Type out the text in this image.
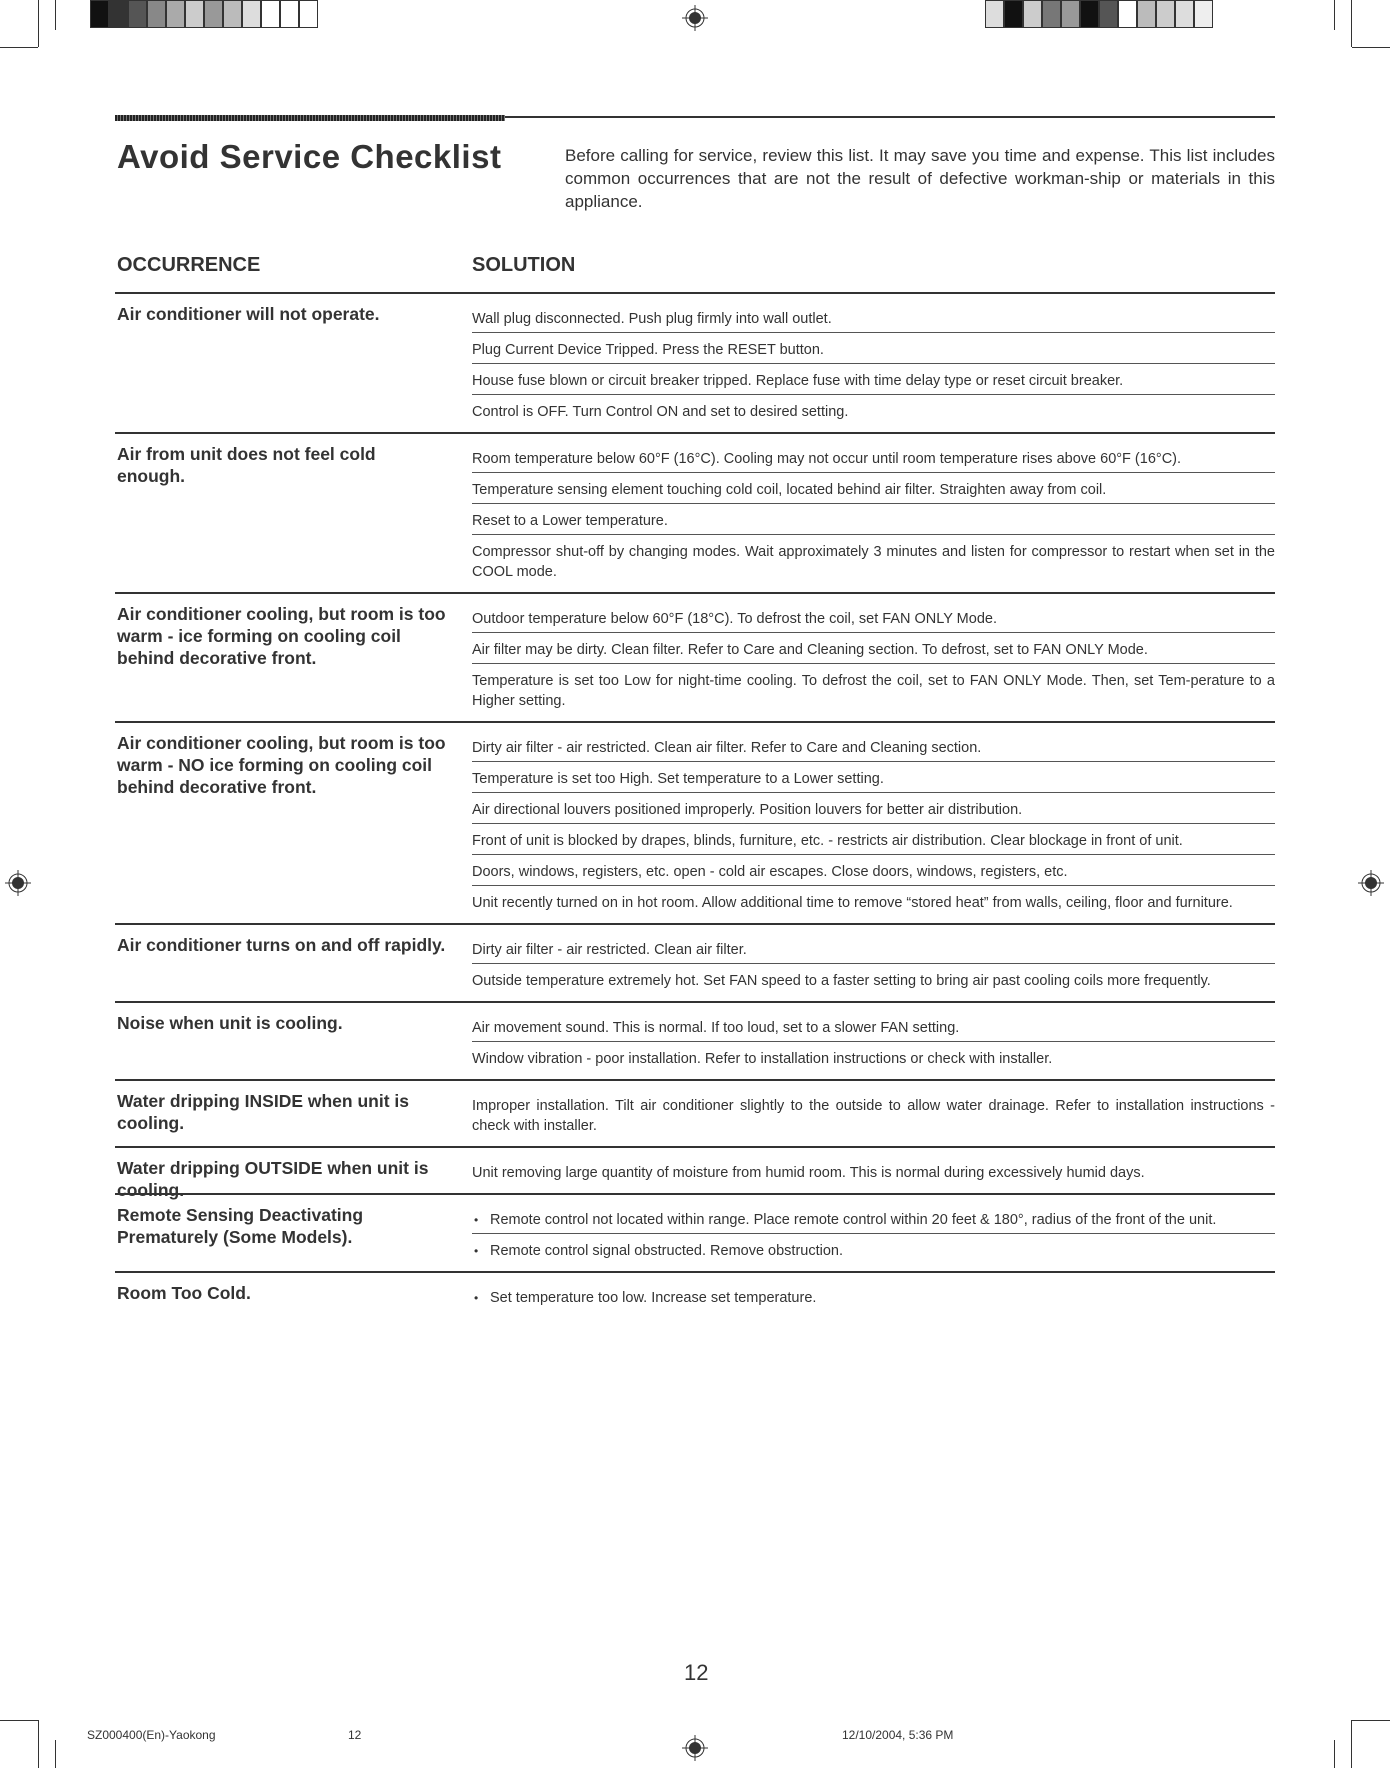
Avoid Service Checklist	Before calling for service, review this list. It may save you time and expense. This list includes common occurrences that are not the result of defective workman-ship or materials in this appliance.
OCCURRENCE	SOLUTION
Air conditioner will not operate.	Wall plug disconnected. Push plug firmly into wall outlet.
Plug Current Device Tripped. Press the RESET button.
House fuse blown or circuit breaker tripped. Replace fuse with time delay type or reset circuit breaker.
Control is OFF. Turn Control ON and set to desired setting.
Air from unit does not feel cold enough.
Room temperature below 60°F (16°C). Cooling may not occur until room temperature rises above 60°F (16°C).
Temperature sensing element touching cold coil, located behind air filter. Straighten away from coil.
Reset to a Lower temperature.
Compressor shut-off by changing modes. Wait approximately 3 minutes and listen for compressor to restart when set in the COOL mode.
Air conditioner cooling, but room is too warm - ice forming on cooling coil behind decorative front.
Outdoor temperature below 60°F (18°C). To defrost the coil, set FAN ONLY Mode.
Air filter may be dirty. Clean filter. Refer to Care and Cleaning section. To defrost, set to FAN ONLY Mode.
Temperature is set too Low for night-time cooling. To defrost the coil, set to FAN ONLY Mode. Then, set Tem-perature to a Higher setting.
Air conditioner cooling, but room is too warm - NO ice forming on cooling coil behind decorative front.
Dirty air filter - air restricted. Clean air filter. Refer to Care and Cleaning section.
Temperature is set too High. Set temperature to a Lower setting.
Air directional louvers positioned improperly. Position louvers for better air distribution.
Front of unit is blocked by drapes, blinds, furniture, etc. - restricts air distribution. Clear blockage in front of unit.
Doors, windows, registers, etc. open - cold air escapes. Close doors, windows, registers, etc.
Unit recently turned on in hot room. Allow additional time to remove “stored heat” from walls, ceiling, floor and furniture.
Air conditioner turns on and off rapidly. Dirty air filter - air restricted. Clean air filter.
Outside temperature extremely hot. Set FAN speed to a faster setting to bring air past cooling coils more frequently.
Noise when unit is cooling.	Air movement sound. This is normal. If too loud, set to a slower FAN setting.
Window vibration - poor installation. Refer to installation instructions or check with installer.
Water dripping INSIDE when unit is cooling.
Improper installation. Tilt air conditioner slightly to the outside to allow water drainage. Refer to installation instructions - check with installer.
Water dripping OUTSIDE when unit is cooling.
Unit removing large quantity of moisture from humid room. This is normal during excessively humid days.
Remote Sensing Deactivating Prematurely (Some Models).
• Remote control not located within range. Place remote control within 20 feet & 180°, radius of the front of the unit.
• Remote control signal obstructed. Remove obstruction.
Room Too Cold.
•	Set temperature too low. Increase set temperature.
12
SZ000400(En)-Yaokong	12	12/10/2004, 5:36 PM
